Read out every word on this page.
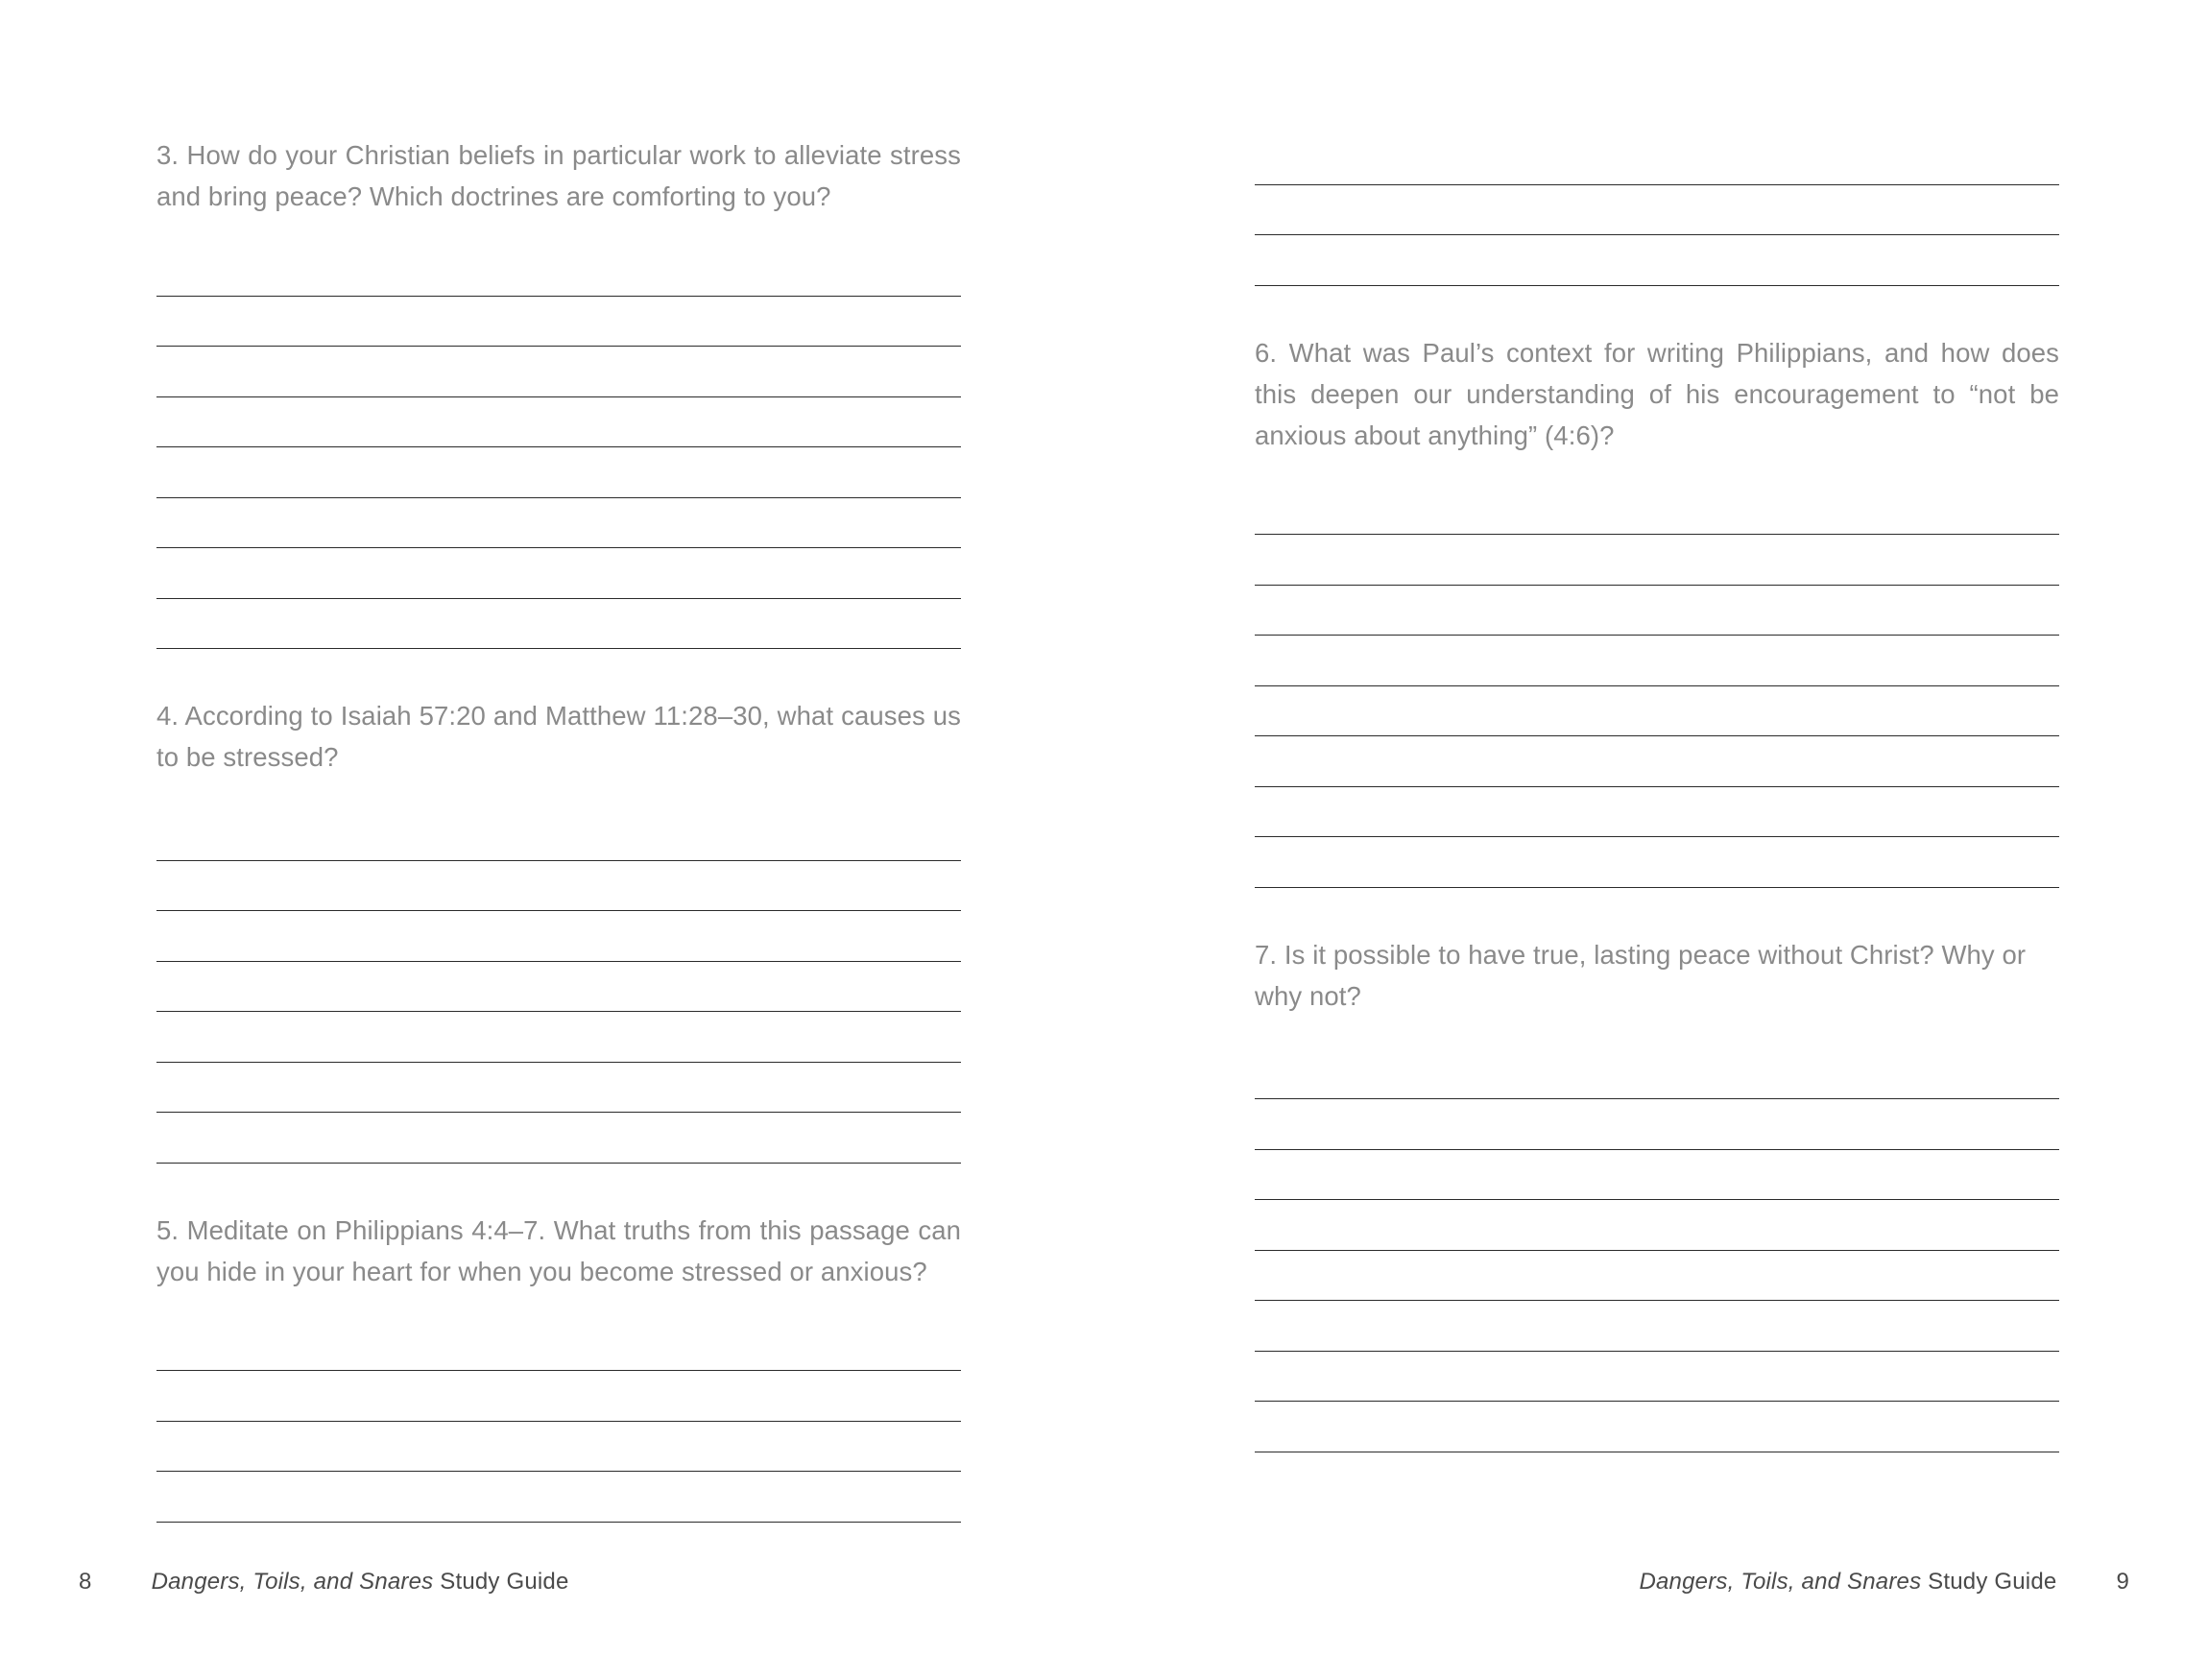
3. How do your Christian beliefs in particular work to alleviate stress and bring peace? Which doctrines are comforting to you?

4. According to Isaiah 57:20 and Matthew 11:28–30, what causes us to be stressed?

5. Meditate on Philippians 4:4–7. What truths from this passage can you hide in your heart for when you become stressed or anxious?

8	Dangers, Toils, and Snares Study Guide

6. What was Paul’s context for writing Philippians, and how does this deepen our understanding of his encouragement to “not be anxious about anything” (4:6)?

7. Is it possible to have true, lasting peace without Christ? Why or why not?

Dangers, Toils, and Snares Study Guide	9
